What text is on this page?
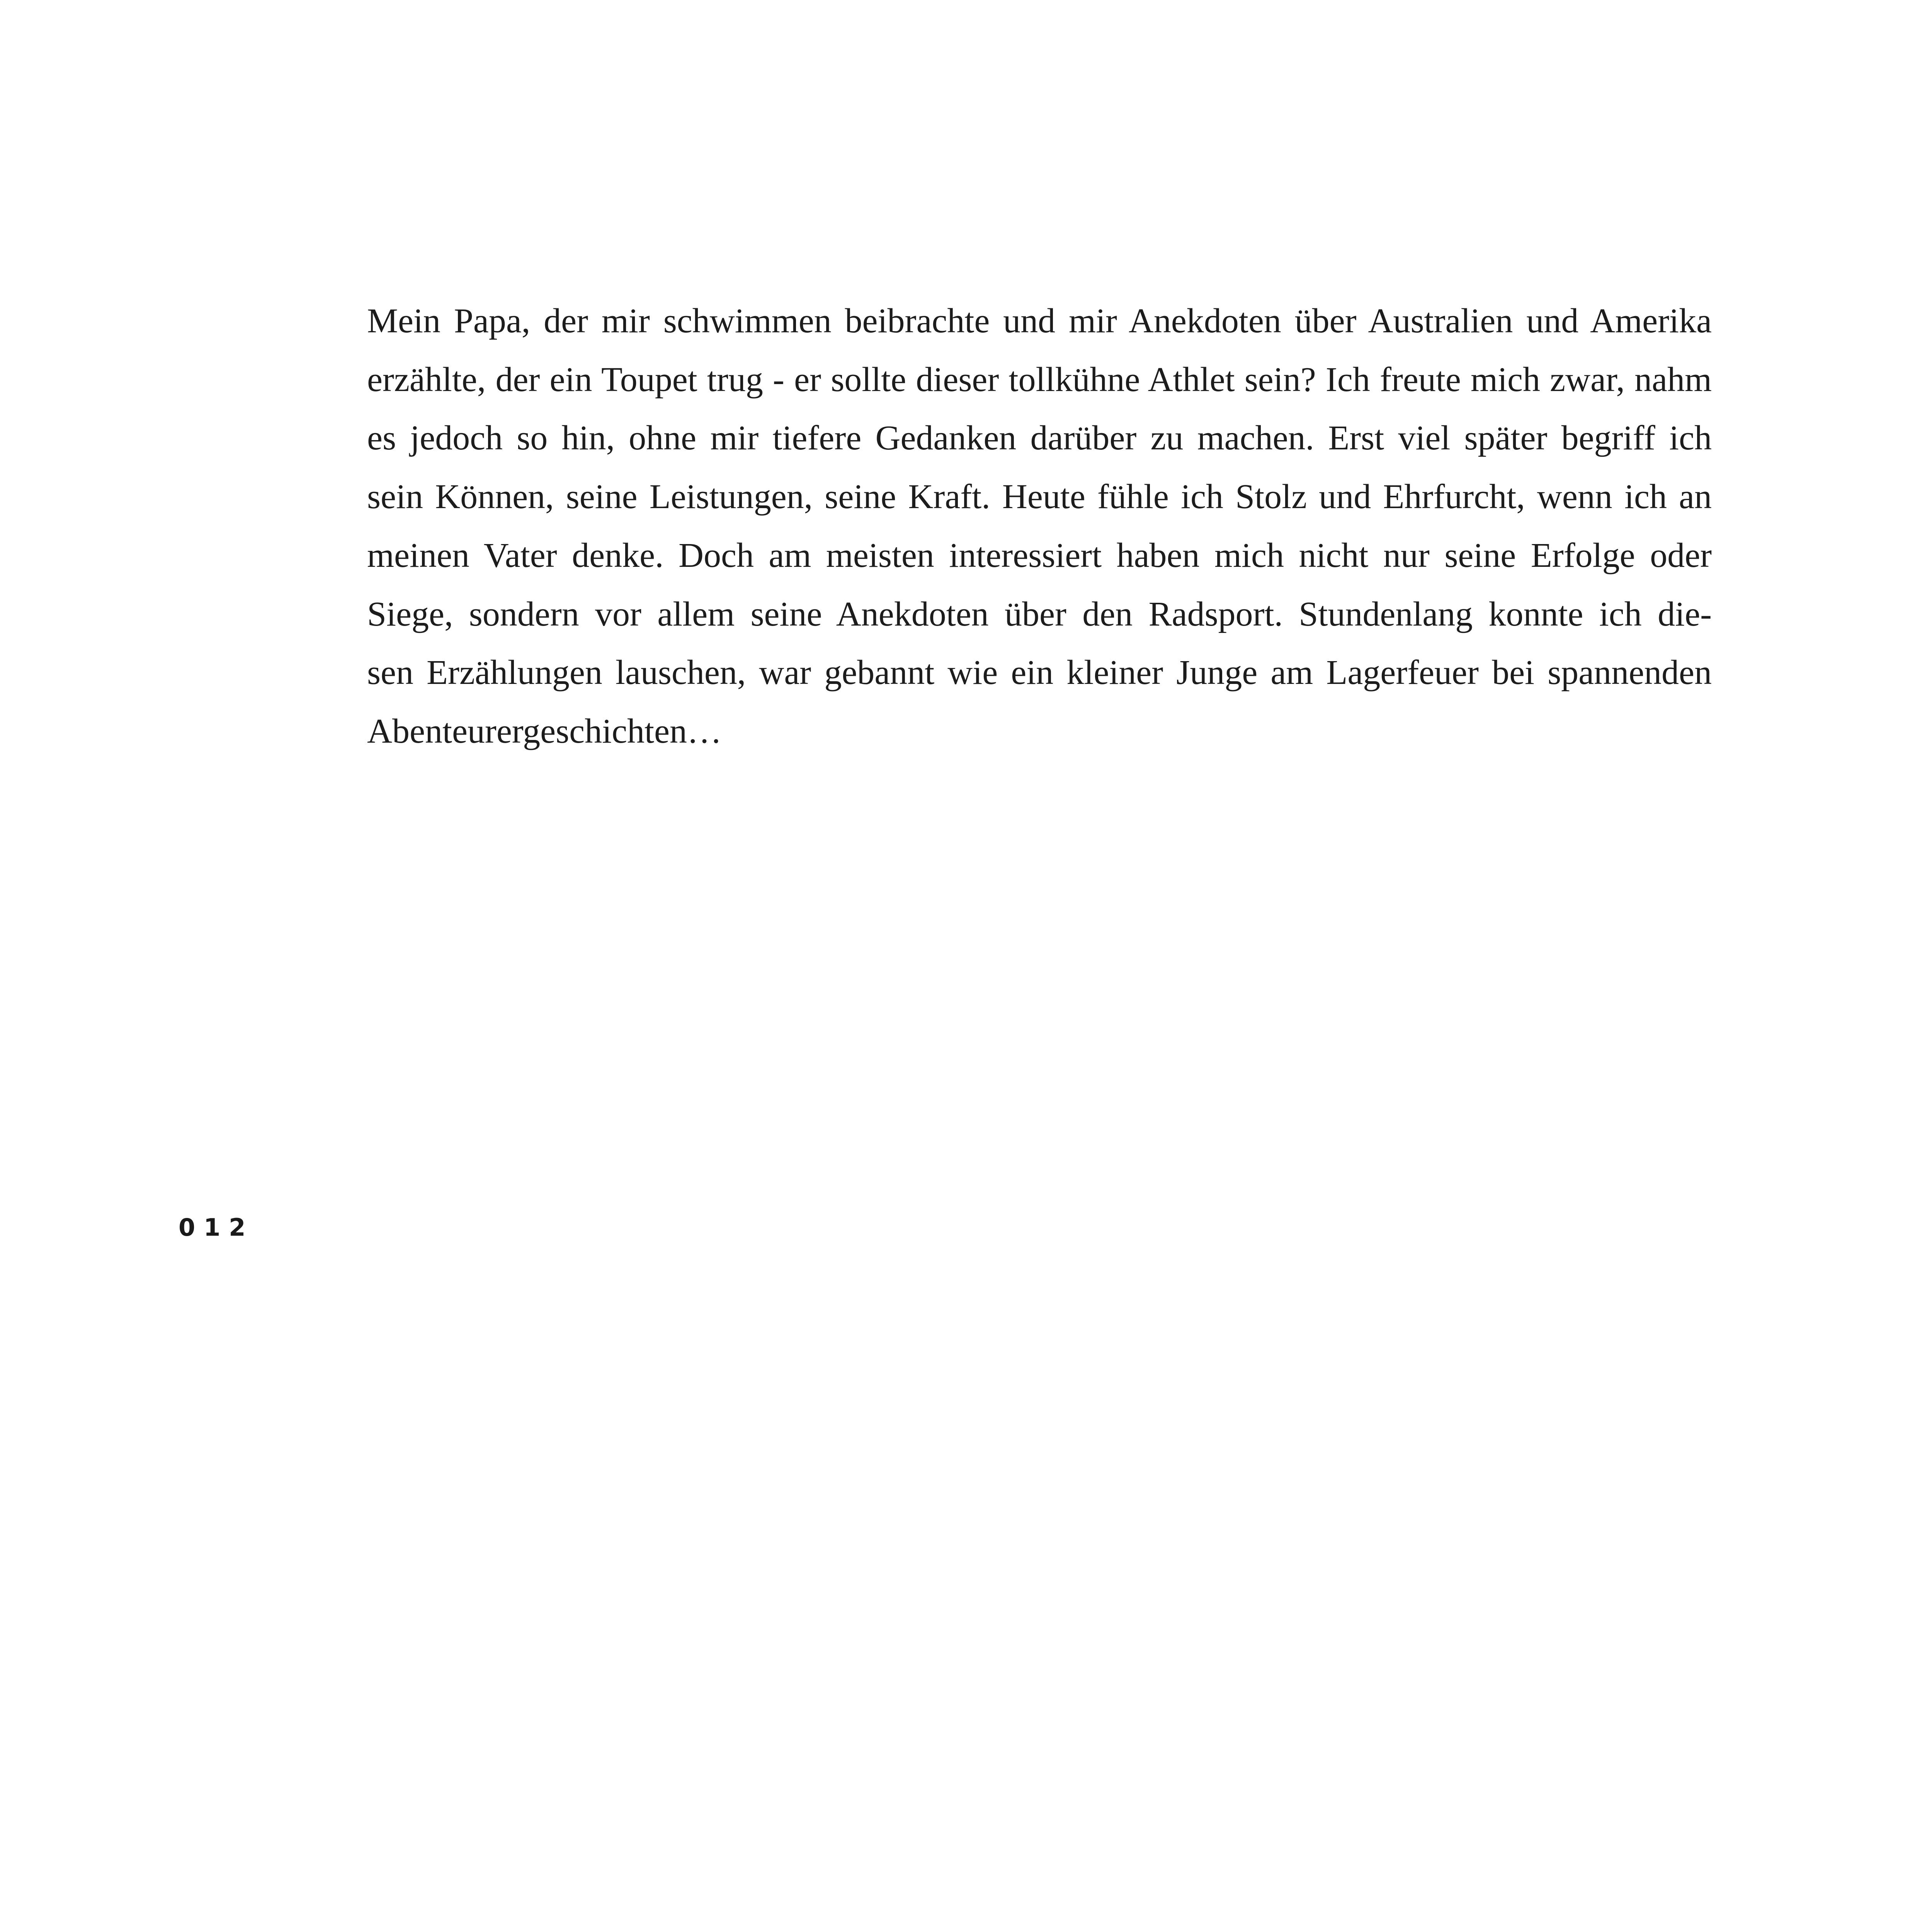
Mein Papa, der mir schwimmen beibrachte und mir Anekdoten über Australien und Amerika
erzählte, der ein Toupet trug - er sollte dieser tollkühne Athlet sein? Ich freute mich zwar, nahm
es jedoch so hin, ohne mir tiefere Gedanken darüber zu machen. Erst viel später begriff ich
sein Können, seine Leistungen, seine Kraft. Heute fühle ich Stolz und Ehrfurcht, wenn ich an
meinen Vater denke. Doch am meisten interessiert haben mich nicht nur seine Erfolge oder
Siege, sondern vor allem seine Anekdoten über den Radsport. Stundenlang konnte ich die-
sen Erzählungen lauschen, war gebannt wie ein kleiner Junge am Lagerfeuer bei spannenden
Abenteurergeschichten…

012
